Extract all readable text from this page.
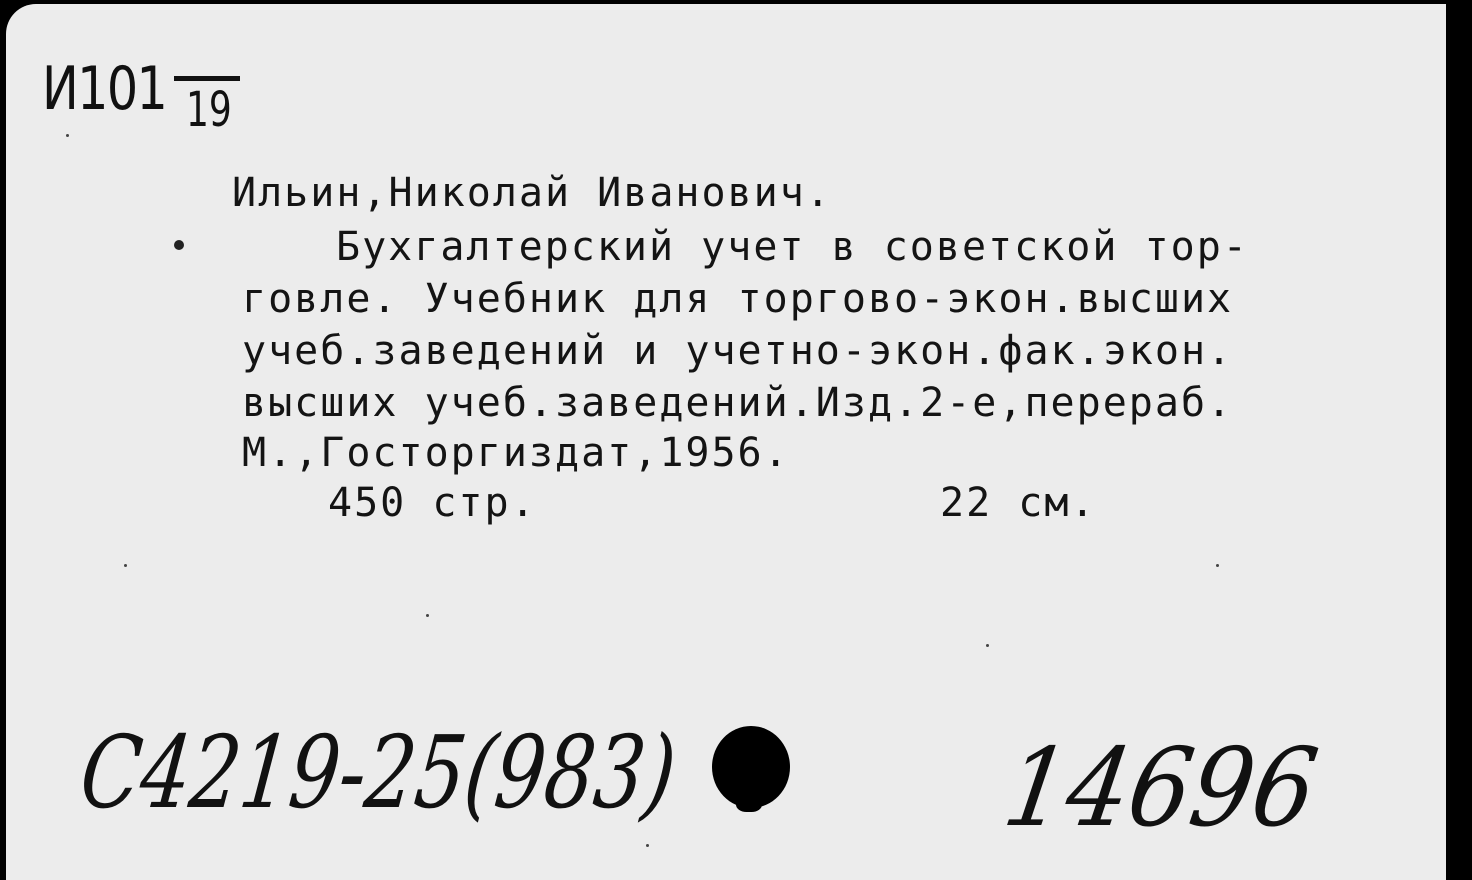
И101 19
Ильин,Николай Иванович.
Бухгалтерский учет в советской тор-
говле. Учебник для торгово-экон.высших
учеб.заведений и учетно-экон.фак.экон.
высших учеб.заведений.Изд.2-е,перераб.
М.,Госторгиздат,1956.
450 стр.	22 см.
С4219-25(983)	14696
